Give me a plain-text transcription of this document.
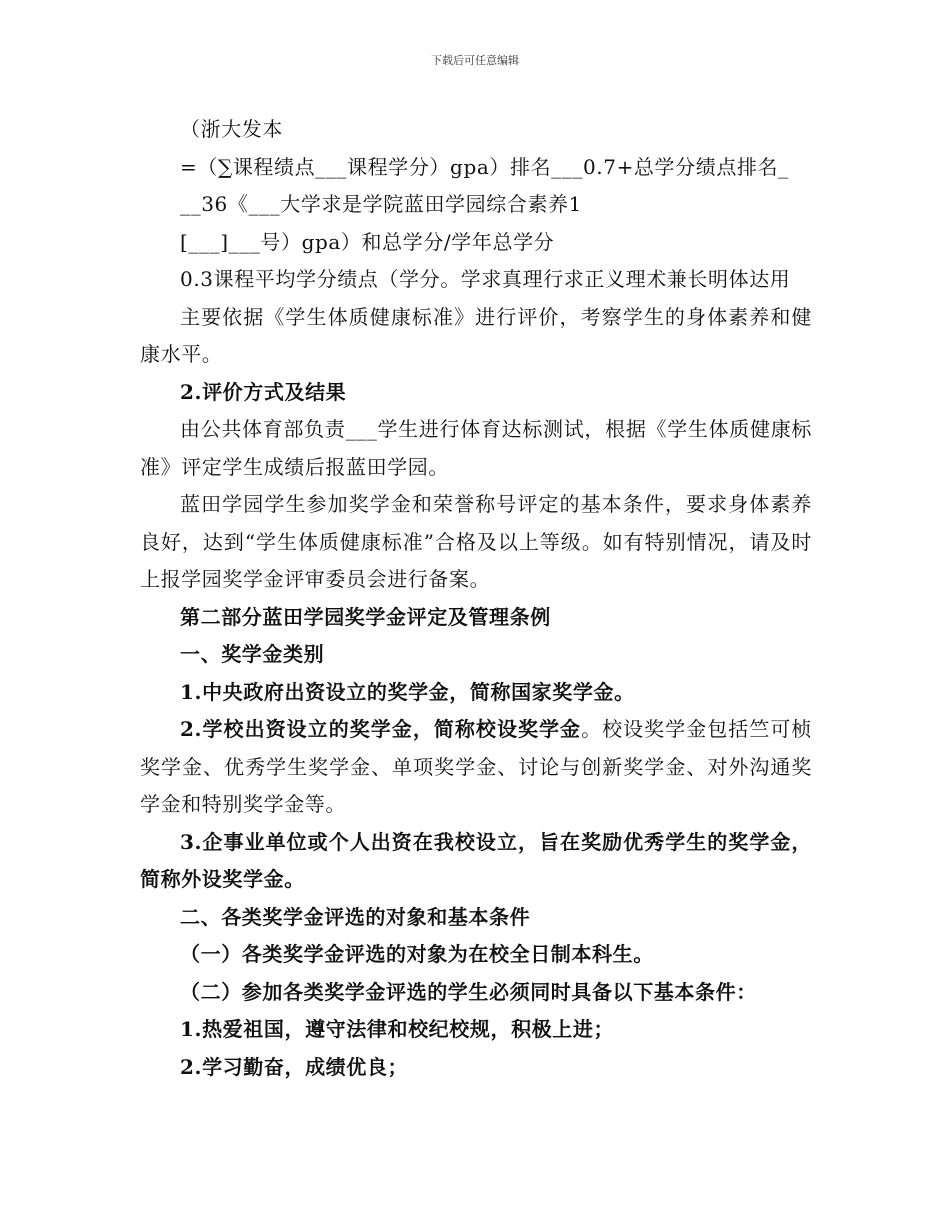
下载后可任意编辑

（浙大发本

=（∑课程绩点___课程学分）gpa）排名___0.7+总学分绩点排名_

__36《___大学求是学院蓝田学园综合素养1

[___]___号）gpa）和总学分/学年总学分

0.3课程平均学分绩点（学分。学求真理行求正义理术兼长明体达用

主要依据《学生体质健康标准》进行评价，考察学生的身体素养和健康水平。

2.评价方式及结果

由公共体育部负责___学生进行体育达标测试，根据《学生体质健康标准》评定学生成绩后报蓝田学园。

蓝田学园学生参加奖学金和荣誉称号评定的基本条件，要求身体素养良好，达到“学生体质健康标准”合格及以上等级。如有特别情况，请及时上报学园奖学金评审委员会进行备案。

第二部分蓝田学园奖学金评定及管理条例

一、奖学金类别

1.中央政府出资设立的奖学金，简称国家奖学金。

2.学校出资设立的奖学金，简称校设奖学金。校设奖学金包括竺可桢奖学金、优秀学生奖学金、单项奖学金、讨论与创新奖学金、对外沟通奖学金和特别奖学金等。

3.企事业单位或个人出资在我校设立，旨在奖励优秀学生的奖学金，简称外设奖学金。

二、各类奖学金评选的对象和基本条件

（一）各类奖学金评选的对象为在校全日制本科生。

（二）参加各类奖学金评选的学生必须同时具备以下基本条件：

1.热爱祖国，遵守法律和校纪校规，积极上进；

2.学习勤奋，成绩优良；
